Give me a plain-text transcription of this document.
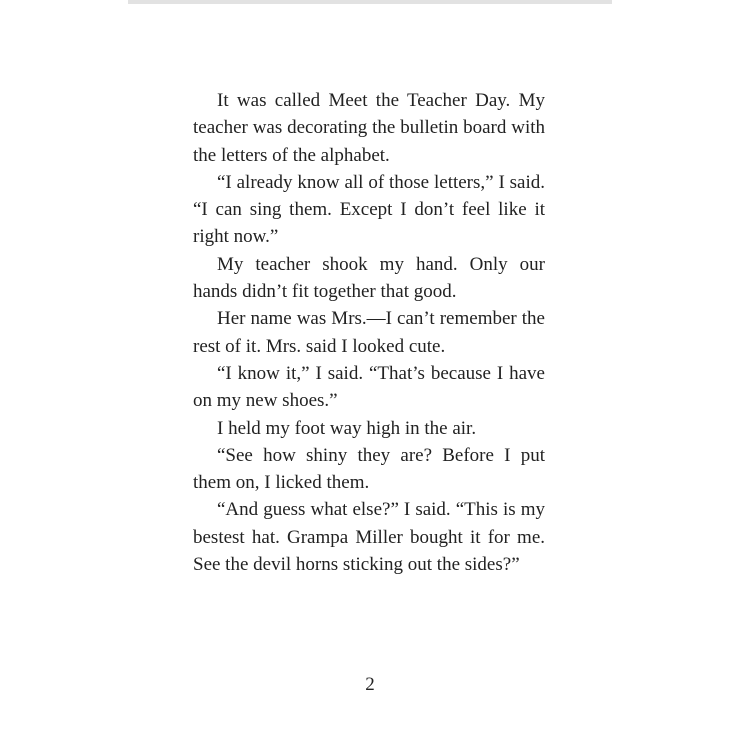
It was called Meet the Teacher Day. My teacher was decorating the bulletin board with the letters of the alphabet.

“I already know all of those letters,” I said. “I can sing them. Except I don’t feel like it right now.”

My teacher shook my hand. Only our hands didn’t fit together that good.

Her name was Mrs.—I can’t remember the rest of it. Mrs. said I looked cute.

“I know it,” I said. “That’s because I have on my new shoes.”

I held my foot way high in the air.

“See how shiny they are? Before I put them on, I licked them.

“And guess what else?” I said. “This is my bestest hat. Grampa Miller bought it for me. See the devil horns sticking out the sides?”

2
